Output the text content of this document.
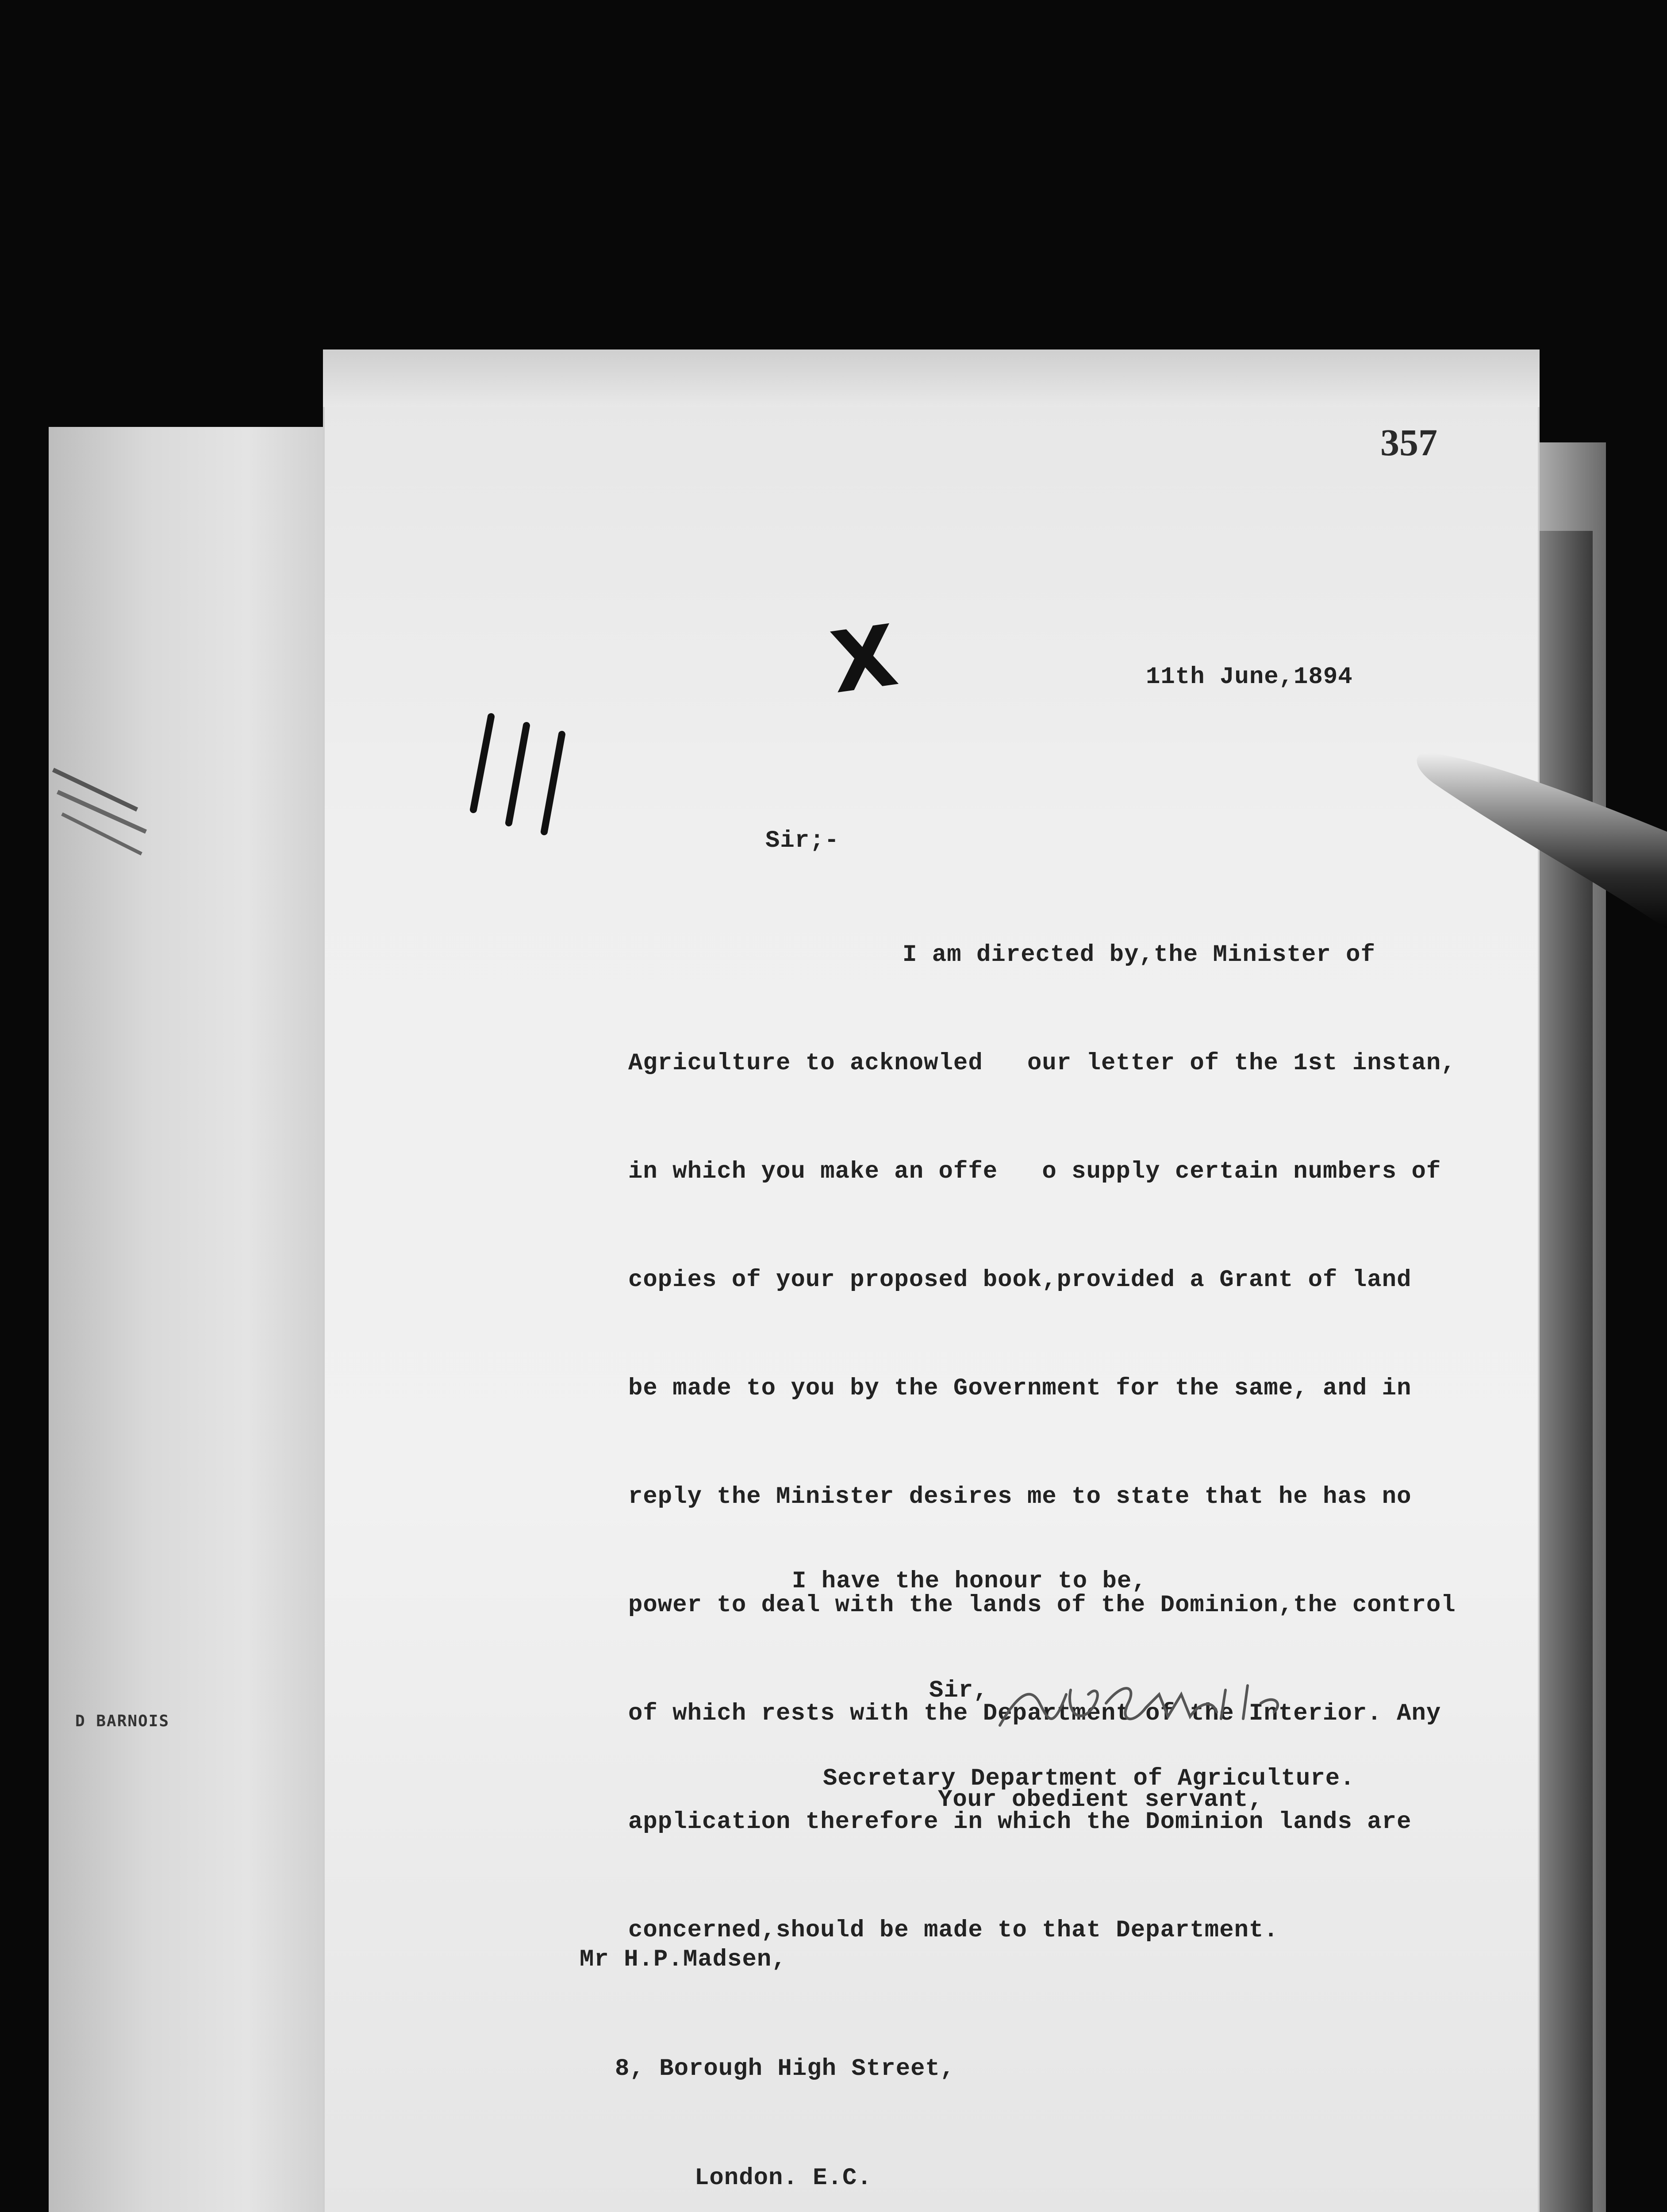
D BARNOIS
357
X	11th June,1894
Sir;-

I am directed by,the Minister of

Agriculture to acknowled   our letter of the 1st instan,

in which you make an offe   o supply certain numbers of

copies of your proposed book,provided a Grant of land

be made to you by the Government for the same, and in

reply the Minister desires me to state that he has no

power to deal with the lands of the Dominion,the control

of which rests with the Department of the Interior. Any

application therefore in which the Dominion lands are

concerned,should be made to that Department.

I have the honour to be,

Sir,

Your obedient servant,

Secretary Department of Agriculture.

Mr H.P.Madsen,

8, Borough High Street,

London. E.C.
